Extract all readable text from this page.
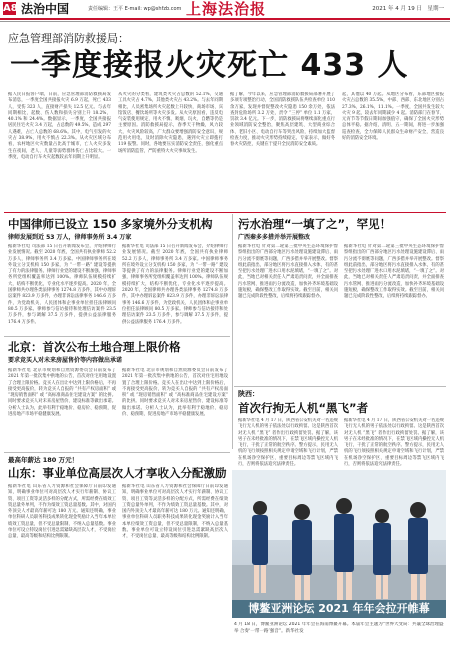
A8 法治中国	责任编辑：王平 E-mail: wp@shfzb.com 上海法治报	2021 年 4 月 19 日　星期一
应急管理部消防救援局：
一季度接报火灾死亡 433 人
据人民日报客户端，日前，应急管理部消防救援局发布消息，一季度全国共接报火灾 6.9 万起，死亡 433 人，受伤 323 人，直接财产损失 12.5 亿元。与去年同期相比，起数、伤人数和损失分别上升 18.2%、40.1% 和 24.4%。数据显示，一季度，全国共接报居民住宅火灾 3.4 万起，占总数的 49.5%，造成 297 人遇难，占亡人总数的 68.6%。其中，电气引发的火灾占 38.9%，用火不慎占 22.3%。从火灾区域分布看，农村地区火灾数量占比高于城市，亡人火灾多发生在夜间，老人、儿童等弱势群体伤亡占比较大。一季度，电动自行车火灾起数较去年同期上升明显。
从火灾的分类看，建筑类火灾占总数的 52.1%，交通工具火灾占 4.7%，其他类火灾占 43.2%。与去年同期相比，人员密集场所火灾起数上升较快，商场市场、宾馆饭店、餐饮场所等火灾多发。从火灾原因看，违反电气安装使用规定、用火不慎、吸烟、玩火、自燃等仍是主要原因。消防救援局提示，春季天干物燥，风力较大，火灾风险较高，广大群众要增强消防安全意识，规范用火用电，及时消除火灾隐患，遇到火灾立即拨打 119 报警。同时，各地要压实消防安全责任，强化重点场所消防监管，严防重特大火灾事故发生。
据了解，今年以来，应急管理部消防救援局部署开展了多项专项整治行动，全国消防救援队伍共检查单位 110 余万家，发现并督促整改火灾隐患 150 余万处，依法查封危险场所 3.2 万处，责令 “三停” 单位 1.1 万家，罚款 3.4 亿元。下一步，消防救援局将继续深化重点行业领域消防安全整治，聚焦高层建筑、大型商业综合体、老旧小区、电动自行车等突出风险，持续加大监督检查力度，推动火灾形势持续稳定。专家表示，做好冬春火灾防控，关键在于提升全民消防安全素质。
起，其他以 40 万起。从地区分布看，东部地区接报火灾占总数的 35.5%，中部、西部、东北地区分别占 27.3%、26.1%、11.1%。一季度，全国共发生较大火灾 9 起，较去年同期减少 4 起。消防部门在春节、元宵节等节假日期间加强值守，确保了全国火灾形势总体平稳。据介绍，清明、五一期间，将进一步加强巡查检查，全力保障人民群众生命财产安全，营造良好的消防安全环境。
中国律师已设立 150 多家境外分支机构
律师发展到近 53 万人，律师事务所 3.4 万家
据新华社电 司法部 15 日召开新闻发布会，介绍律师行业发展情况。截至 2020 年底，全国共有执业律师 52.2 万多人，律师事务所 3.4 万多家。中国律师事务所在境外设立分支机构 150 多家，为 “一带一路” 建设等提供了有力的法律服务。律师行业党的建设不断加强，律师事务所党组织覆盖率达到 100%。律师队伍规模持续扩大，结构不断优化，专业化水平逐步提高。2020 年，全国律师共办理各类法律事务 1274.8 万多件，其中办理诉讼案件 823.9 万多件，办理非诉讼法律事务 146.6 万多件，为党政机关、人民团体和企事业单位担任法律顾问 80.5 万多家。律师参与信访接待和处理信访案件 23.5 万多件，参与调解 37.5 万多件，提供公益法律服务 176.4 万多件。
据新华社电 司法部 15 日召开新闻发布会，介绍律师行业发展情况。截至 2020 年底，全国共有执业律师 52.2 万多人，律师事务所 3.4 万多家。中国律师事务所在境外设立分支机构 150 多家，为 “一带一路” 建设等提供了有力的法律服务。律师行业党的建设不断加强，律师事务所党组织覆盖率达到 100%。律师队伍规模持续扩大，结构不断优化，专业化水平逐步提高。2020 年，全国律师共办理各类法律事务 1274.8 万多件，其中办理诉讼案件 823.9 万多件，办理非诉讼法律事务 146.6 万多件，为党政机关、人民团体和企事业单位担任法律顾问 80.5 万多家。律师参与信访接待和处理信访案件 23.5 万多件，参与调解 37.5 万多件，提供公益法律服务 176.4 万多件。
污水治理“一填了之”，罕见！
广西秦多多措并举开展整改
据新华社电 针对第二轮第三批中央生态环境保护督察组指出的广西部分地区污水处理设施建设滞后、雨污分流不彻底等问题，广西多措并举开展整改。督察组此前指出，部分地区将污水直接排入水体，有的甚至把污水处理厂进水口用水泥填堵，“一填了之”。对此，当地已对相关责任人严肃追责问责，并全面排查污水管网、推进雨污分流改造，加快补齐环境基础设施短板，确保整改工作取得实效。截至目前，相关问题已完成阶段性整改，后续将持续跟踪督办。
据新华社电 针对第二轮第三批中央生态环境保护督察组指出的广西部分地区污水处理设施建设滞后、雨污分流不彻底等问题，广西多措并举开展整改。督察组此前指出，部分地区将污水直接排入水体，有的甚至把污水处理厂进水口用水泥填堵，“一填了之”。对此，当地已对相关责任人严肃追责问责，并全面排查污水管网、推进雨污分流改造，加快补齐环境基础设施短板，确保整改工作取得实效。截至目前，相关问题已完成阶段性整改，后续将持续跟踪督办。
北京：首次公布土地合理上限价格
要求竞买人对未来房屋售价等内容做出承诺
据新华社电 北京市规划和自然资源委员会日前发布了 2021 年第一批次集中供地的公告，首次对住宅用地设置了合理上限价格。竞买人在出让中达到上限价格后，不再接受更高报价，转为竞买人自报的 “共有产权房面积” 或 “现房销售面积” 或 “高标准商品住宅建设方案” 的比拼。同时要求竞买人对未来房屋售价、建设标准等做出承诺。分析人士认为，此举有利于稳地价、稳房价、稳预期，促进房地产市场平稳健康发展。
据新华社电 北京市规划和自然资源委员会日前发布了 2021 年第一批次集中供地的公告，首次对住宅用地设置了合理上限价格。竞买人在出让中达到上限价格后，不再接受更高报价，转为竞买人自报的 “共有产权房面积” 或 “现房销售面积” 或 “高标准商品住宅建设方案” 的比拼。同时要求竞买人对未来房屋售价、建设标准等做出承诺。分析人士认为，此举有利于稳地价、稳房价、稳预期，促进房地产市场平稳健康发展。
最高年薪达 180 万元！
山东：事业单位高层次人才享收入分配激励
据新华社电 山东省人力资源和社会保障厅日前印发通知，明确事业单位可对高层次人才实行年薪制、协议工资、项目工资等灵活多样的分配方式，所需经费在绩效工资总量外单列，不作为绩效工资总量基数。其中，对国内外顶尖人才最高年薪可达 180 万元。通知还明确，事业单位科研人员职务科技成果转化现金奖励计入当年本单位绩效工资总量，但不受总量限制，不纳入总量基数。事业单位可设立特设岗位引进急需紧缺高层次人才，不受岗位总量、最高等级和结构比例限制。
据新华社电 山东省人力资源和社会保障厅日前印发通知，明确事业单位可对高层次人才实行年薪制、协议工资、项目工资等灵活多样的分配方式，所需经费在绩效工资总量外单列，不作为绩效工资总量基数。其中，对国内外顶尖人才最高年薪可达 180 万元。通知还明确，事业单位科研人员职务科技成果转化现金奖励计入当年本单位绩效工资总量，但不受总量限制，不纳入总量基数。事业单位可设立特设岗位引进急需紧缺高层次人才，不受岗位总量、最高等级和结构比例限制。
陕西：
首次行拘无人机“黑飞”者
据新华社电 4 月 17 日，陕西省公安机关对一名违规飞行无人机的男子依法处以行政拘留。这是陕西首次对无人机 “黑飞” 者作出行政拘留处罚。据了解，该男子在未经批准的情况下，在禁飞区域内操控无人机飞行，干扰了正常的航空秩序。警方提示，民用无人机的飞行须按照相关规定申请空域和飞行计划，严禁在机场净空保护区、重要目标周边等禁飞区域内飞行，否则将依法追究法律责任。
据新华社电 4 月 17 日，陕西省公安机关对一名违规飞行无人机的男子依法处以行政拘留。这是陕西首次对无人机 “黑飞” 者作出行政拘留处罚。据了解，该男子在未经批准的情况下，在禁飞区域内操控无人机飞行，干扰了正常的航空秩序。警方提示，民用无人机的飞行须按照相关规定申请空域和飞行计划，严禁在机场净空保护区、重要目标周边等禁飞区域内飞行，否则将依法追究法律责任。
博鳌亚洲论坛 2021 年年会拉开帷幕
4 月 18 日，博鳌亚洲论坛 2021 年年会在海南博鳌开幕。本届年会主题为“世界大变局：共襄全球治理盛举 合奏‘一带一路’强音”。新华社发
